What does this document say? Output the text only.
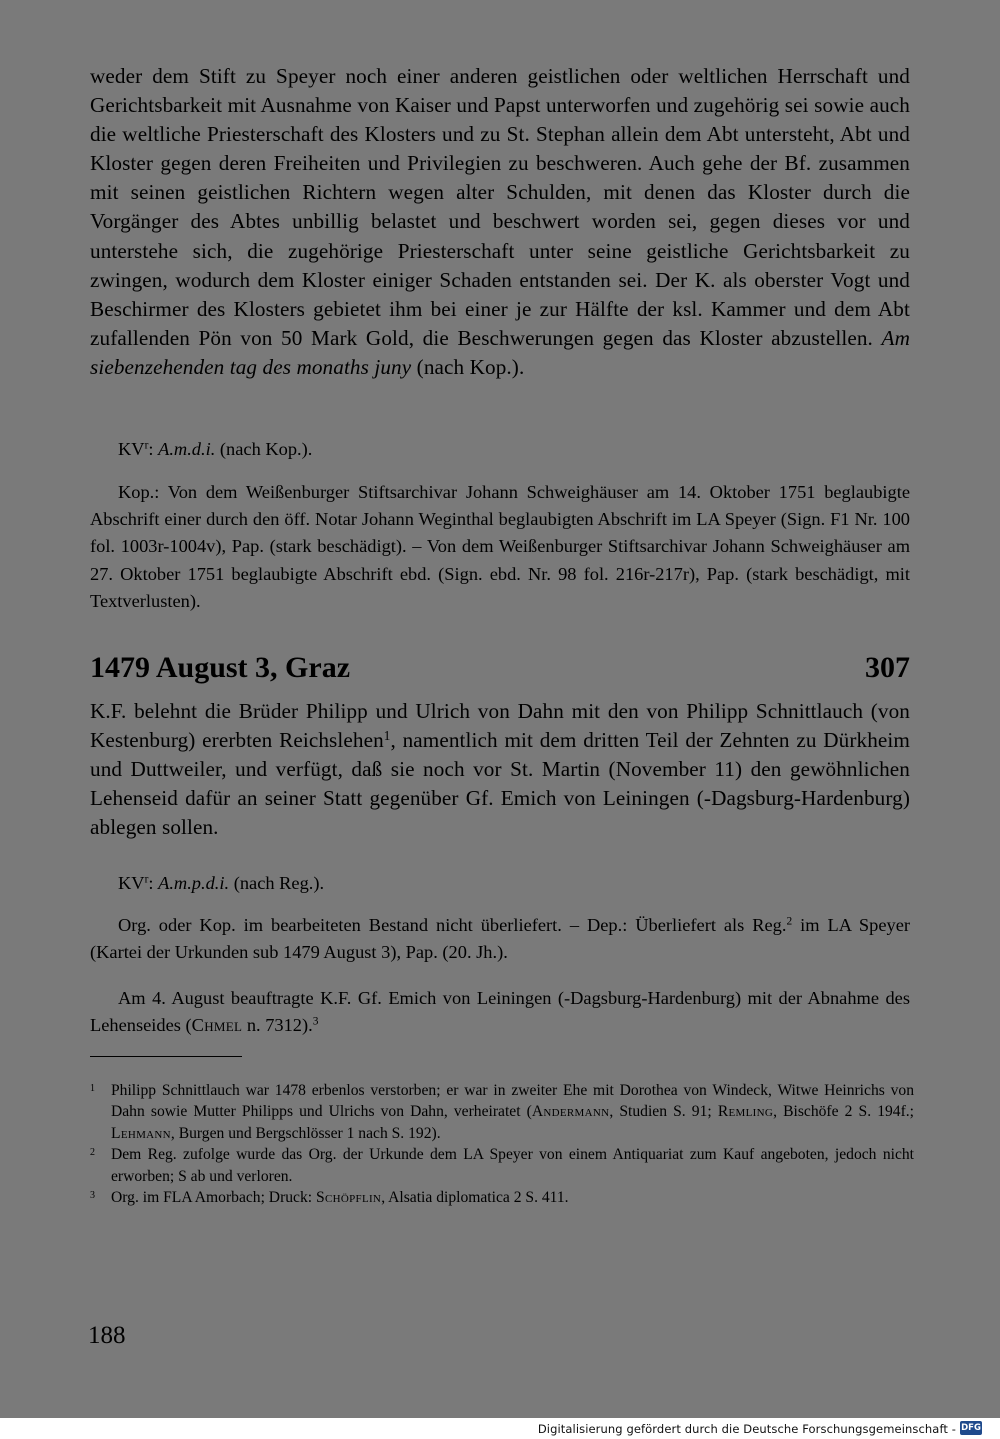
weder dem Stift zu Speyer noch einer anderen geistlichen oder weltlichen Herrschaft und Gerichtsbarkeit mit Ausnahme von Kaiser und Papst unterworfen und zugehörig sei sowie auch die weltliche Priesterschaft des Klosters und zu St. Stephan allein dem Abt untersteht, Abt und Kloster gegen deren Freiheiten und Privilegien zu beschweren. Auch gehe der Bf. zusammen mit seinen geistlichen Richtern wegen alter Schulden, mit denen das Kloster durch die Vorgänger des Abtes unbillig belastet und beschwert worden sei, gegen dieses vor und unterstehe sich, die zugehörige Priesterschaft unter seine geistliche Gerichtsbarkeit zu zwingen, wodurch dem Kloster einiger Schaden entstanden sei. Der K. als oberster Vogt und Beschirmer des Klosters gebietet ihm bei einer je zur Hälfte der ksl. Kammer und dem Abt zufallenden Pön von 50 Mark Gold, die Beschwerungen gegen das Kloster abzustellen. Am siebenzehenden tag des monaths juny (nach Kop.).
$KV^r$: A.m.d.i. (nach Kop.).
Kop.: Von dem Weißenburger Stiftsarchivar Johann Schweighäuser am 14. Oktober 1751 beglaubigte Abschrift einer durch den öff. Notar Johann Weginthal beglaubigten Abschrift im LA Speyer (Sign. F1 Nr. 100 fol. 1003r-1004v), Pap. (stark beschädigt). – Von dem Weißenburger Stiftsarchivar Johann Schweighäuser am 27. Oktober 1751 beglaubigte Abschrift ebd. (Sign. ebd. Nr. 98 fol. 216r-217r), Pap. (stark beschädigt, mit Textverlusten).
1479 August 3, Graz	307
K.F. belehnt die Brüder Philipp und Ulrich von Dahn mit den von Philipp Schnittlauch (von Kestenburg) ererbten Reichslehen$^1$, namentlich mit dem dritten Teil der Zehnten zu Dürkheim und Duttweiler, und verfügt, daß sie noch vor St. Martin (November 11) den gewöhnlichen Lehenseid dafür an seiner Statt gegenüber Gf. Emich von Leiningen (-Dagsburg-Hardenburg) ablegen sollen.
$KV^r$: A.m.p.d.i. (nach Reg.).
Org. oder Kop. im bearbeiteten Bestand nicht überliefert. – Dep.: Überliefert als Reg.$^2$ im LA Speyer (Kartei der Urkunden sub 1479 August 3), Pap. (20. Jh.).
Am 4. August beauftragte K.F. Gf. Emich von Leiningen (-Dagsburg-Hardenburg) mit der Abnahme des Lehenseides (Chmel n. 7312).$^3$
1 Philipp Schnittlauch war 1478 erbenlos verstorben; er war in zweiter Ehe mit Dorothea von Windeck, Witwe Heinrichs von Dahn sowie Mutter Philipps und Ulrichs von Dahn, verheiratet (Andermann, Studien S. 91; Remling, Bischöfe 2 S. 194f.; Lehmann, Burgen und Bergschlösser 1 nach S. 192).
2 Dem Reg. zufolge wurde das Org. der Urkunde dem LA Speyer von einem Antiquariat zum Kauf angeboten, jedoch nicht erworben; S ab und verloren.
3 Org. im FLA Amorbach; Druck: Schöpflin, Alsatia diplomatica 2 S. 411.
188
Digitalisierung gefördert durch die Deutsche Forschungsgemeinschaft - DFG
